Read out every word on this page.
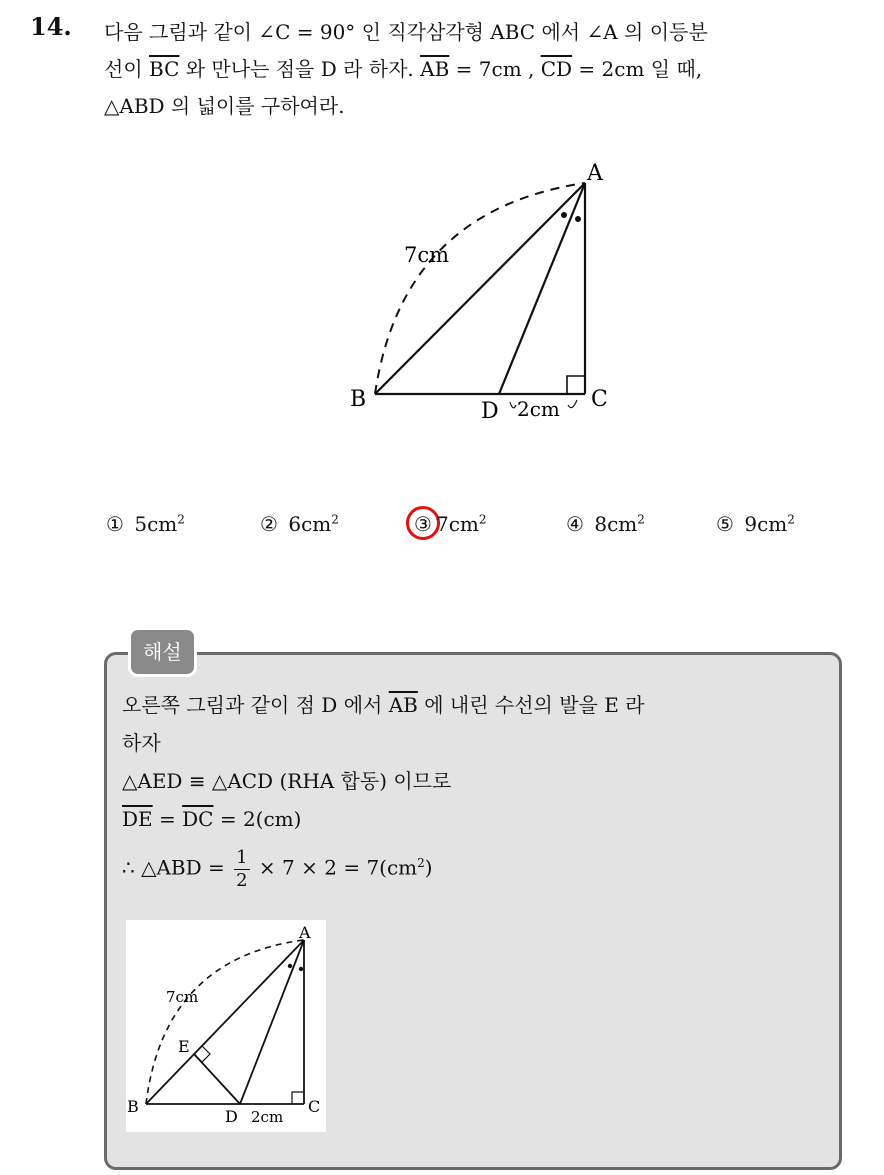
14. 다음 그림과 같이 ∠C = 90° 인 직각삼각형 ABC 에서 ∠A 의 이등분
선이 $\overline{BC}$ 와 만나는 점을 D 라 하자. $\overline{AB} = 7cm$ , $\overline{CD} = 2cm$ 일 때,
△ABD 의 넓이를 구하여라.
A
B	C
D
7cm
2cm
① $5cm^2$	② $6cm^2$	③ $7cm^2$	④ $8cm^2$	⑤ $9cm^2$
해설
오른쪽 그림과 같이 점 D 에서 $\overline{AB}$ 에 내린 수선의 발을 E 라
하자
△AED ≡ △ACD (RHA 합동) 이므로
$\overline{DE} = \overline{DC} = 2(cm)$
∴ △ABD = $\frac{1}{2} \times 7 \times 2 = 7(cm^2)$
A
B	C
D
E
7cm
2cm
